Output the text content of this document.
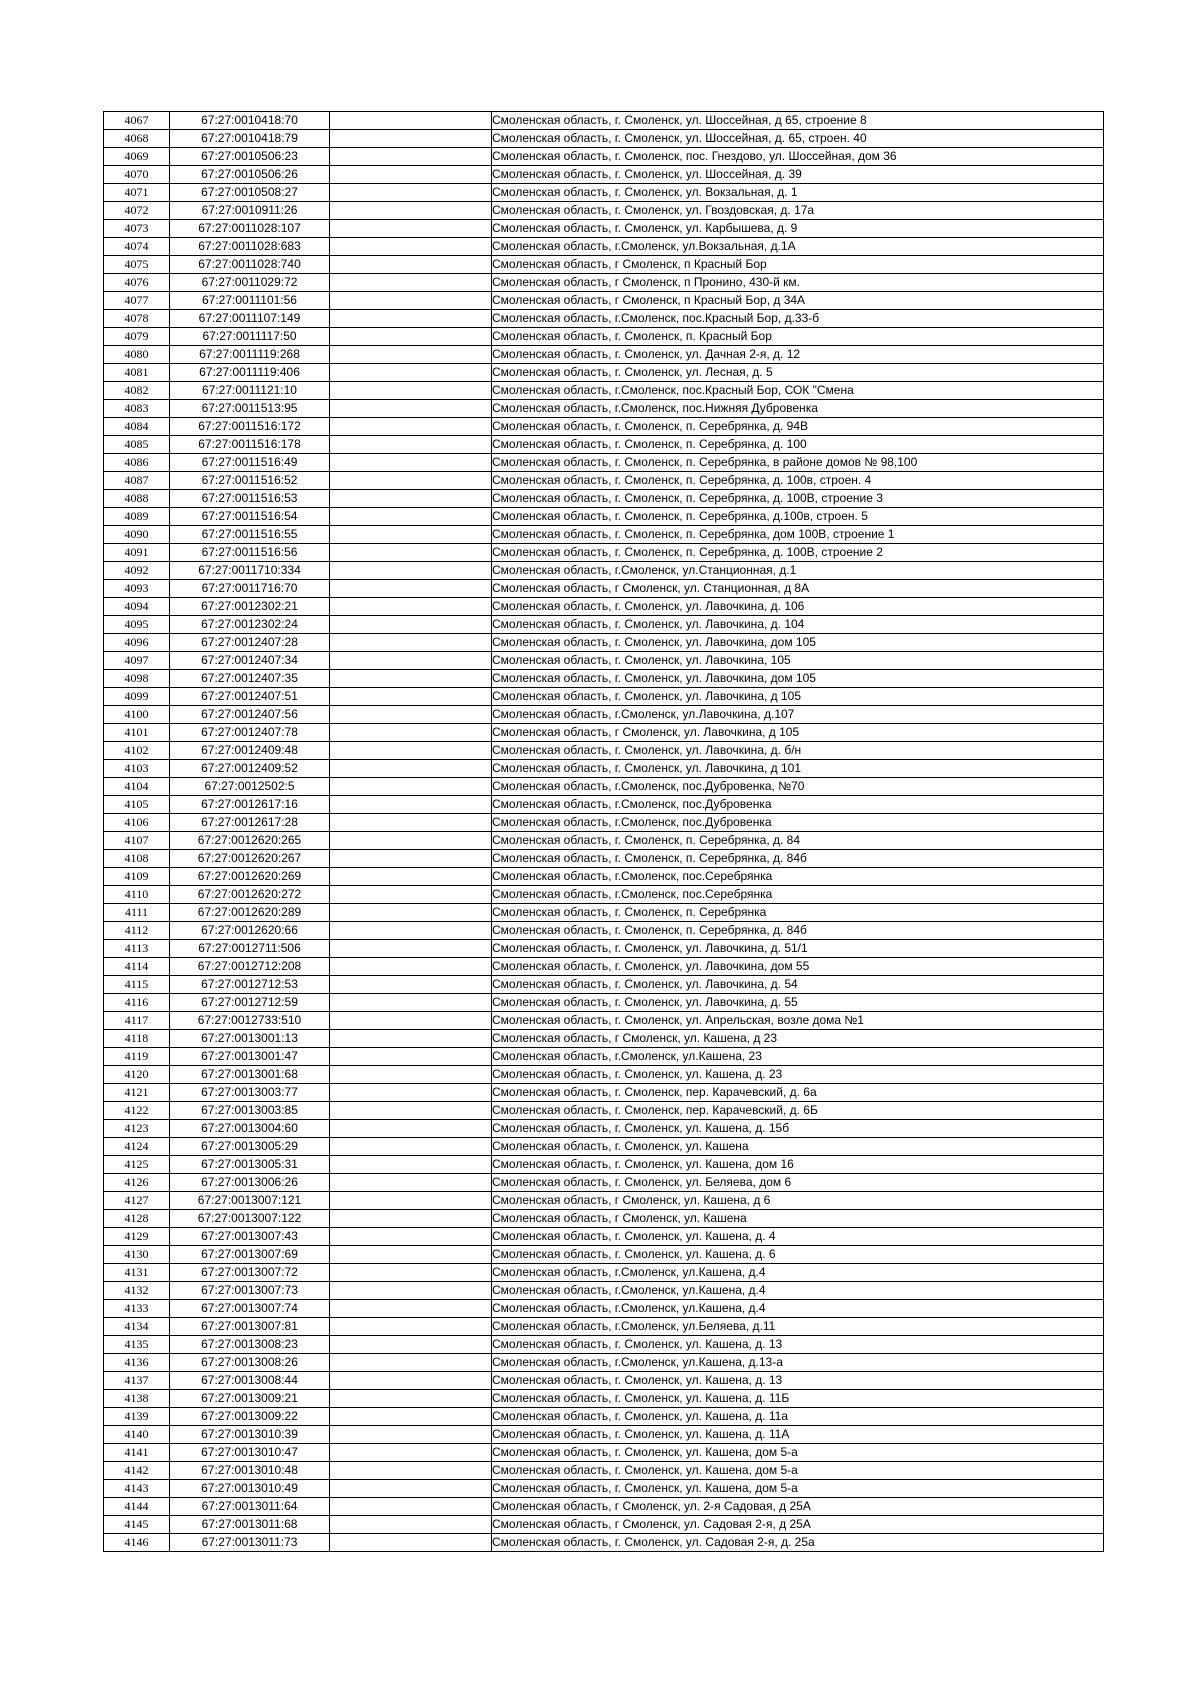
4067	67:27:0010418:70		Смоленская область, г. Смоленск, ул. Шоссейная, д 65, строение 8
4068	67:27:0010418:79		Смоленская область, г. Смоленск, ул. Шоссейная, д. 65, строен. 40
4069	67:27:0010506:23		Смоленская область, г. Смоленск, пос. Гнездово, ул. Шоссейная, дом 36
4070	67:27:0010506:26		Смоленская область, г. Смоленск, ул. Шоссейная, д. 39
4071	67:27:0010508:27		Смоленская область, г. Смоленск, ул. Вокзальная, д. 1
4072	67:27:0010911:26		Смоленская область, г. Смоленск, ул. Гвоздовская, д. 17а
4073	67:27:0011028:107		Смоленская область, г. Смоленск, ул. Карбышева, д. 9
4074	67:27:0011028:683		Смоленская область, г.Смоленск, ул.Вокзальная, д.1А
4075	67:27:0011028:740		Смоленская область, г Смоленск, п Красный Бор
4076	67:27:0011029:72		Смоленская область, г Смоленск, п Пронино, 430-й км.
4077	67:27:0011101:56		Смоленская область, г Смоленск, п Красный Бор, д 34А
4078	67:27:0011107:149		Смоленская область, г.Смоленск, пос.Красный Бор, д.33-б
4079	67:27:0011117:50		Смоленская область, г. Смоленск, п. Красный Бор
4080	67:27:0011119:268		Смоленская область, г. Смоленск, ул. Дачная 2-я, д. 12
4081	67:27:0011119:406		Смоленская область, г. Смоленск, ул. Лесная, д. 5
4082	67:27:0011121:10		Смоленская область, г.Смоленск, пос.Красный Бор, СОК "Смена
4083	67:27:0011513:95		Смоленская область, г.Смоленск, пос.Нижняя Дубровенка
4084	67:27:0011516:172		Смоленская область, г. Смоленск, п. Серебрянка, д. 94В
4085	67:27:0011516:178		Смоленская область, г. Смоленск, п. Серебрянка, д. 100
4086	67:27:0011516:49		Смоленская область, г. Смоленск, п. Серебрянка, в районе домов № 98,100
4087	67:27:0011516:52		Смоленская область, г. Смоленск, п. Серебрянка, д. 100в, строен. 4
4088	67:27:0011516:53		Смоленская область, г. Смоленск, п. Серебрянка, д. 100В, строение 3
4089	67:27:0011516:54		Смоленская область, г. Смоленск, п. Серебрянка, д.100в, строен. 5
4090	67:27:0011516:55		Смоленская область, г. Смоленск, п. Серебрянка, дом 100В, строение 1
4091	67:27:0011516:56		Смоленская область, г. Смоленск, п. Серебрянка, д. 100В, строение 2
4092	67:27:0011710:334		Смоленская область, г.Смоленск, ул.Станционная, д.1
4093	67:27:0011716:70		Смоленская область, г Смоленск, ул. Станционная, д 8А
4094	67:27:0012302:21		Смоленская область, г. Смоленск, ул. Лавочкина, д. 106
4095	67:27:0012302:24		Смоленская область, г. Смоленск, ул. Лавочкина, д. 104
4096	67:27:0012407:28		Смоленская область, г. Смоленск, ул. Лавочкина, дом 105
4097	67:27:0012407:34		Смоленская область, г. Смоленск, ул. Лавочкина, 105
4098	67:27:0012407:35		Смоленская область, г. Смоленск, ул. Лавочкина, дом 105
4099	67:27:0012407:51		Смоленская область, г. Смоленск, ул. Лавочкина, д 105
4100	67:27:0012407:56		Смоленская область, г.Смоленск, ул.Лавочкина, д.107
4101	67:27:0012407:78		Смоленская область, г Смоленск, ул. Лавочкина, д 105
4102	67:27:0012409:48		Смоленская область, г. Смоленск, ул. Лавочкина, д. б/н
4103	67:27:0012409:52		Смоленская область, г. Смоленск, ул. Лавочкина, д 101
4104	67:27:0012502:5		Смоленская область, г.Смоленск, пос.Дубровенка, №70
4105	67:27:0012617:16		Смоленская область, г.Смоленск, пос.Дубровенка
4106	67:27:0012617:28		Смоленская область, г.Смоленск, пос.Дубровенка
4107	67:27:0012620:265		Смоленская область, г. Смоленск, п. Серебрянка, д. 84
4108	67:27:0012620:267		Смоленская область, г. Смоленск, п. Серебрянка, д. 84б
4109	67:27:0012620:269		Смоленская область, г.Смоленск, пос.Серебрянка
4110	67:27:0012620:272		Смоленская область, г.Смоленск, пос.Серебрянка
4111	67:27:0012620:289		Смоленская область, г. Смоленск, п. Серебрянка
4112	67:27:0012620:66		Смоленская область, г. Смоленск, п. Серебрянка, д. 84б
4113	67:27:0012711:506		Смоленская область, г. Смоленск, ул. Лавочкина, д. 51/1
4114	67:27:0012712:208		Смоленская область, г. Смоленск, ул. Лавочкина, дом 55
4115	67:27:0012712:53		Смоленская область, г. Смоленск, ул. Лавочкина, д. 54
4116	67:27:0012712:59		Смоленская область, г. Смоленск, ул. Лавочкина, д. 55
4117	67:27:0012733:510		Смоленская область, г. Смоленск, ул. Апрельская, возле дома №1
4118	67:27:0013001:13		Смоленская область, г Смоленск, ул. Кашена, д 23
4119	67:27:0013001:47		Смоленская область, г.Смоленск, ул.Кашена, 23
4120	67:27:0013001:68		Смоленская область, г. Смоленск, ул. Кашена, д. 23
4121	67:27:0013003:77		Смоленская область, г. Смоленск, пер. Карачевский, д. 6а
4122	67:27:0013003:85		Смоленская область, г. Смоленск, пер. Карачевский, д. 6Б
4123	67:27:0013004:60		Смоленская область, г. Смоленск, ул. Кашена, д. 15б
4124	67:27:0013005:29		Смоленская область, г. Смоленск, ул. Кашена
4125	67:27:0013005:31		Смоленская область, г. Смоленск, ул. Кашена, дом 16
4126	67:27:0013006:26		Смоленская область, г. Смоленск, ул. Беляева, дом 6
4127	67:27:0013007:121		Смоленская область, г Смоленск, ул. Кашена, д 6
4128	67:27:0013007:122		Смоленская область, г Смоленск, ул. Кашена
4129	67:27:0013007:43		Смоленская область, г. Смоленск, ул. Кашена, д. 4
4130	67:27:0013007:69		Смоленская область, г. Смоленск, ул. Кашена, д. 6
4131	67:27:0013007:72		Смоленская область, г.Смоленск, ул.Кашена, д.4
4132	67:27:0013007:73		Смоленская область, г.Смоленск, ул.Кашена, д.4
4133	67:27:0013007:74		Смоленская область, г.Смоленск, ул.Кашена, д.4
4134	67:27:0013007:81		Смоленская область, г.Смоленск, ул.Беляева, д.11
4135	67:27:0013008:23		Смоленская область, г. Смоленск, ул. Кашена, д. 13
4136	67:27:0013008:26		Смоленская область, г.Смоленск, ул.Кашена, д.13-а
4137	67:27:0013008:44		Смоленская область, г. Смоленск, ул. Кашена, д. 13
4138	67:27:0013009:21		Смоленская область, г. Смоленск, ул. Кашена, д. 11Б
4139	67:27:0013009:22		Смоленская область, г. Смоленск, ул. Кашена, д. 11а
4140	67:27:0013010:39		Смоленская область, г. Смоленск, ул. Кашена, д. 11А
4141	67:27:0013010:47		Смоленская область, г. Смоленск, ул. Кашена, дом 5-а
4142	67:27:0013010:48		Смоленская область, г. Смоленск, ул. Кашена, дом 5-а
4143	67:27:0013010:49		Смоленская область, г. Смоленск, ул. Кашена, дом 5-а
4144	67:27:0013011:64		Смоленская область, г Смоленск, ул. 2-я Садовая, д 25А
4145	67:27:0013011:68		Смоленская область, г Смоленск, ул. Садовая 2-я, д 25А
4146	67:27:0013011:73		Смоленская область, г. Смоленск, ул. Садовая 2-я, д. 25а
